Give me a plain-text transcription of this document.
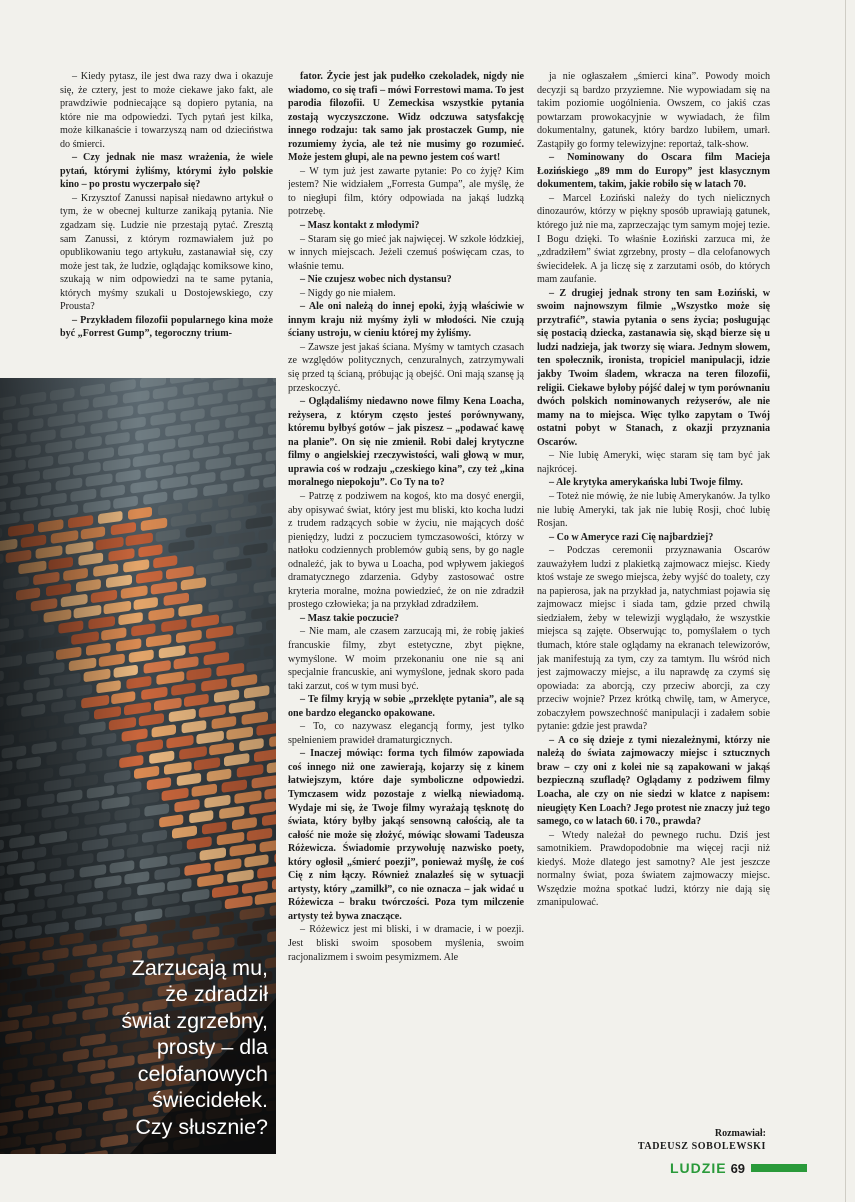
– Kiedy pytasz, ile jest dwa razy dwa i okazuje się, że cztery, jest to może ciekawe jako fakt, ale prawdziwie podniecające są dopiero pytania, na które nie ma odpowiedzi. Tych pytań jest kilka, może kilkanaście i towarzyszą nam od dzieciństwa do śmierci.

– Czy jednak nie masz wrażenia, że wiele pytań, którymi żyliśmy, którymi żyło polskie kino – po prostu wyczerpało się?

– Krzysztof Zanussi napisał niedawno artykuł o tym, że w obecnej kulturze zanikają pytania. Nie zgadzam się. Ludzie nie przestają pytać. Zresztą sam Zanussi, z którym rozmawiałem już po opublikowaniu tego artykułu, zastanawiał się, czy może jest tak, że ludzie, oglądając komiksowe kino, szukają w nim odpowiedzi na te same pytania, których myśmy szukali u Dostojewskiego, czy Prousta?

– Przykładem filozofii popularnego kina może być „Forrest Gump”, tegoroczny trium-

fator. Życie jest jak pudełko czekoladek, nigdy nie wiadomo, co się trafi – mówi Forrestowi mama. To jest parodia filozofii. U Zemeckisa wszystkie pytania zostają wyczyszczone. Widz odczuwa satysfakcję innego rodzaju: tak samo jak prostaczek Gump, nie rozumiemy życia, ale też nie musimy go rozumieć. Może jestem głupi, ale na pewno jestem coś wart!

– W tym już jest zawarte pytanie: Po co żyję? Kim jestem? Nie widziałem „Forresta Gumpa”, ale myślę, że to niegłupi film, który odpowiada na jakąś ludzką potrzebę.

– Masz kontakt z młodymi?

– Staram się go mieć jak najwięcej. W szkole łódzkiej, w innych miejscach. Jeżeli czemuś poświęcam czas, to właśnie temu.

– Nie czujesz wobec nich dystansu?

– Nigdy go nie miałem.

– Ale oni należą do innej epoki, żyją właściwie w innym kraju niż myśmy żyli w młodości. Nie czują ściany ustroju, w cieniu której my żyliśmy.

– Zawsze jest jakaś ściana. Myśmy w tamtych czasach ze względów politycznych, cenzuralnych, zatrzymywali się przed tą ścianą, próbując ją obejść. Oni mają szansę ją przeskoczyć.

– Oglądaliśmy niedawno nowe filmy Kena Loacha, reżysera, z którym często jesteś porównywany, któremu byłbyś gotów – jak piszesz – „podawać kawę na planie”. On się nie zmienił. Robi dalej krytyczne filmy o angielskiej rzeczywistości, wali głową w mur, uprawia coś w rodzaju „czeskiego kina”, czy też „kina moralnego niepokoju”. Co Ty na to?

– Patrzę z podziwem na kogoś, kto ma dosyć energii, aby opisywać świat, który jest mu bliski, kto kocha ludzi z trudem radzących sobie w życiu, nie mających dość pieniędzy, ludzi z poczuciem tymczasowości, którzy w natłoku codziennych problemów gubią sens, by go nagle odnaleźć, jak to bywa u Loacha, pod wpływem jakiegoś dramatycznego zdarzenia. Gdyby zastosować ostre kryteria moralne, można powiedzieć, że on nie zdradził prostego człowieka; ja na przykład zdradziłem.

– Masz takie poczucie?

– Nie mam, ale czasem zarzucają mi, że robię jakieś francuskie filmy, zbyt estetyczne, zbyt piękne, wymyślone. W moim przekonaniu one nie są ani specjalnie francuskie, ani wymyślone, jednak skoro pada taki zarzut, coś w tym musi być.

– Te filmy kryją w sobie „przeklęte pytania”, ale są one bardzo elegancko opakowane.

– To, co nazywasz elegancją formy, jest tylko spełnieniem prawideł dramaturgicznych.

– Inaczej mówiąc: forma tych filmów zapowiada coś innego niż one zawierają, kojarzy się z kinem łatwiejszym, które daje symboliczne odpowiedzi. Tymczasem widz pozostaje z wielką niewiadomą. Wydaje mi się, że Twoje filmy wyrażają tęsknotę do świata, który byłby jakąś sensowną całością, ale ta całość nie może się złożyć, mówiąc słowami Tadeusza Różewicza. Świadomie przywołuję nazwisko poety, który ogłosił „śmierć poezji”, ponieważ myślę, że coś Cię z nim łączy. Również znalazłeś się w sytuacji artysty, który „zamilkł”, co nie oznacza – jak widać u Różewicza – braku twórczości. Poza tym milczenie artysty też bywa znaczące.

– Różewicz jest mi bliski, i w dramacie, i w poezji. Jest bliski swoim sposobem myślenia, swoim racjonalizmem i swoim pesymizmem. Ale

ja nie ogłaszałem „śmierci kina”. Powody moich decyzji są bardzo przyziemne. Nie wypowiadam się na takim poziomie uogólnienia. Owszem, co jakiś czas powtarzam prowokacyjnie w wywiadach, że film dokumentalny, gatunek, który bardzo lubiłem, umarł. Zastąpiły go formy telewizyjne: reportaż, talk-show.

– Nominowany do Oscara film Macieja Łozińskiego „89 mm do Europy” jest klasycznym dokumentem, takim, jakie robiło się w latach 70.

– Marcel Łoziński należy do tych nielicznych dinozaurów, którzy w piękny sposób uprawiają gatunek, którego już nie ma, zaprzeczając tym samym mojej tezie. I Bogu dzięki. To właśnie Łoziński zarzuca mi, że „zdradziłem” świat zgrzebny, prosty – dla celofanowych świecidełek. A ja liczę się z zarzutami osób, do których mam zaufanie.

– Z drugiej jednak strony ten sam Łoziński, w swoim najnowszym filmie „Wszystko może się przytrafić”, stawia pytania o sens życia; posługując się postacią dziecka, zastanawia się, skąd bierze się u ludzi nadzieja, jak tworzy się wiara. Jednym słowem, ten społecznik, ironista, tropiciel manipulacji, idzie jakby Twoim śladem, wkracza na teren filozofii, religii. Ciekawe byłoby pójść dalej w tym porównaniu dwóch polskich nominowanych reżyserów, ale nie mamy na to miejsca. Więc tylko zapytam o Twój ostatni pobyt w Stanach, z okazji przyznania Oscarów.

– Nie lubię Ameryki, więc staram się tam być jak najkrócej.

– Ale krytyka amerykańska lubi Twoje filmy.

– Toteż nie mówię, że nie lubię Amerykanów. Ja tylko nie lubię Ameryki, tak jak nie lubię Rosji, choć lubię Rosjan.

– Co w Ameryce razi Cię najbardziej?

– Podczas ceremonii przyznawania Oscarów zauważyłem ludzi z plakietką zajmowacz miejsc. Kiedy ktoś wstaje ze swego miejsca, żeby wyjść do toalety, czy na papierosa, jak na przykład ja, natychmiast pojawia się zajmowacz miejsc i siada tam, gdzie przed chwilą siedziałem, żeby w telewizji wyglądało, że wszystkie miejsca są zajęte. Obserwując to, pomyślałem o tych tłumach, które stale oglądamy na ekranach telewizorów, jak manifestują za tym, czy za tamtym. Ilu wśród nich jest zajmowaczy miejsc, a ilu naprawdę za czymś się opowiada: za aborcją, czy przeciw aborcji, za czy przeciw wojnie? Przez krótką chwilę, tam, w Ameryce, zobaczyłem powszechność manipulacji i zadałem sobie pytanie: gdzie jest prawda?

– A co się dzieje z tymi niezależnymi, którzy nie należą do świata zajmowaczy miejsc i sztucznych braw – czy oni z kolei nie są zapakowani w jakąś bezpieczną szufladę? Oglądamy z podziwem filmy Loacha, ale czy on nie siedzi w klatce z napisem: nieugięty Ken Loach? Jego protest nie znaczy już tego samego, co w latach 60. i 70., prawda?

– Wtedy należał do pewnego ruchu. Dziś jest samotnikiem. Prawdopodobnie ma więcej racji niż kiedyś. Może dlatego jest samotny? Ale jest jeszcze normalny świat, poza światem zajmowaczy miejsc. Wszędzie można spotkać ludzi, którzy nie dają się zmanipulować.

Zarzucają mu,
że zdradził
świat zgrzebny,
prosty – dla
celofanowych
świecidełek.
Czy słusznie?	Rozmawiał:
TADEUSZ SOBOLEWSKI
LUDZIE 69
